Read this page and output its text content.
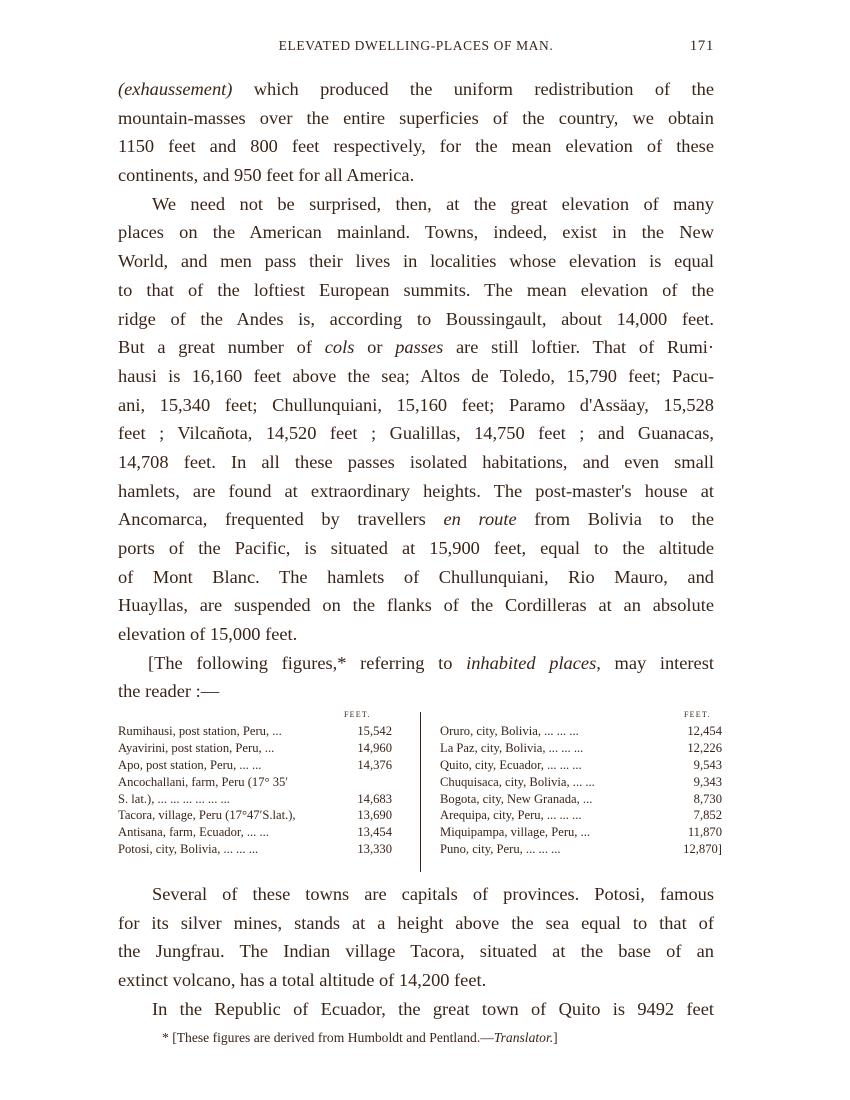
ELEVATED DWELLING-PLACES OF MAN.	171
(exhaussement) which produced the uniform redistribution of the
mountain-masses over the entire superficies of the country, we obtain
1150 feet and 800 feet respectively, for the mean elevation of these
continents, and 950 feet for all America.
We need not be surprised, then, at the great elevation of many
places on the American mainland. Towns, indeed, exist in the New
World, and men pass their lives in localities whose elevation is equal
to that of the loftiest European summits. The mean elevation of the
ridge of the Andes is, according to Boussingault, about 14,000 feet.
But a great number of cols or passes are still loftier. That of Rumi·
hausi is 16,160 feet above the sea; Altos de Toledo, 15,790 feet; Pacu-
ani, 15,340 feet; Chullunquiani, 15,160 feet; Paramo d'Assäay, 15,528
feet ; Vilcañota, 14,520 feet ; Gualillas, 14,750 feet ; and Guanacas,
14,708 feet. In all these passes isolated habitations, and even small
hamlets, are found at extraordinary heights. The post-master's house at
Ancomarca, frequented by travellers en route from Bolivia to the
ports of the Pacific, is situated at 15,900 feet, equal to the altitude
of Mont Blanc. The hamlets of Chullunquiani, Rio Mauro, and
Huayllas, are suspended on the flanks of the Cordilleras at an absolute
elevation of 15,000 feet.
[The following figures,* referring to inhabited places, may interest
the reader :—
FEET.
Rumihausi, post station, Peru, ...	15,542
Ayavirini, post station, Peru, ...	14,960
Apo, post station, Peru, ... ...	14,376
Ancochallani, farm, Peru (17° 35′
S. lat.), ... ... ... ... ... ...	14,683
Tacora, village, Peru (17°47′S.lat.),	13,690
Antisana, farm, Ecuador, ... ...	13,454
Potosi, city, Bolivia, ... ... ...	13,330
FEET.
Oruro, city, Bolivia, ... ... ...	12,454
La Paz, city, Bolivia, ... ... ...	12,226
Quito, city, Ecuador, ... ... ...	9,543
Chuquisaca, city, Bolivia, ... ...	9,343
Bogota, city, New Granada, ...	8,730
Arequipa, city, Peru, ... ... ...	7,852
Miquipampa, village, Peru, ...	11,870
Puno, city, Peru, ... ... ...	12,870]
Several of these towns are capitals of provinces. Potosi, famous
for its silver mines, stands at a height above the sea equal to that of
the Jungfrau. The Indian village Tacora, situated at the base of an
extinct volcano, has a total altitude of 14,200 feet.
In the Republic of Ecuador, the great town of Quito is 9492 feet
* [These figures are derived from Humboldt and Pentland.—Translator.]
